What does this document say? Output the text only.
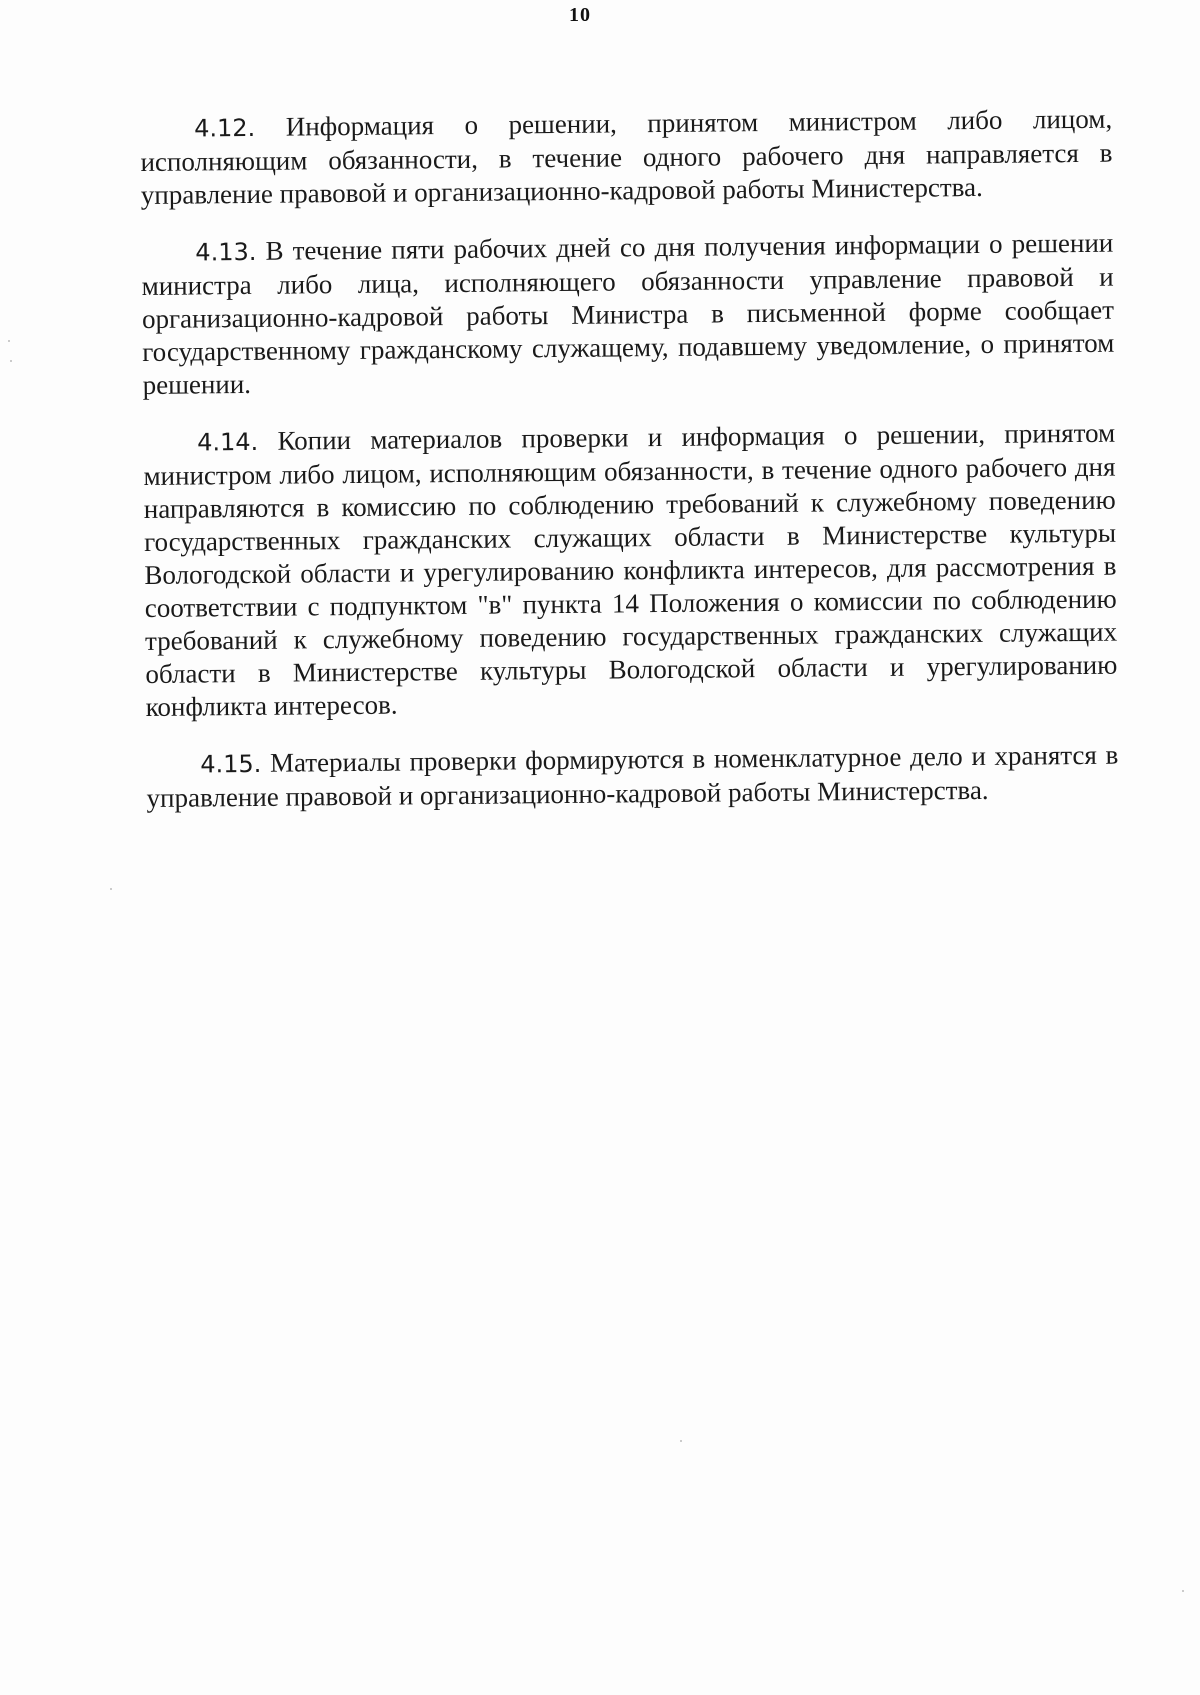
10

4.12. Информация о решении, принятом министром либо лицом, исполняющим обязанности, в течение одного рабочего дня направляется в управление правовой и организационно-кадровой работы Министерства.

4.13. В течение пяти рабочих дней со дня получения информации о решении министра либо лица, исполняющего обязанности управление правовой и организационно-кадровой работы Министра в письменной форме сообщает государственному гражданскому служащему, подавшему уведомление, о принятом решении.

4.14. Копии материалов проверки и информация о решении, принятом министром либо лицом, исполняющим обязанности, в течение одного рабочего дня направляются в комиссию по соблюдению требований к служебному поведению государственных гражданских служащих области в Министерстве культуры Вологодской области и урегулированию конфликта интересов, для рассмотрения в соответствии с подпунктом "в" пункта 14 Положения о комиссии по соблюдению требований к служебному поведению государственных гражданских служащих области в Министерстве культуры Вологодской области и урегулированию конфликта интересов.

4.15. Материалы проверки формируются в номенклатурное дело и хранятся в управление правовой и организационно-кадровой работы Министерства.
